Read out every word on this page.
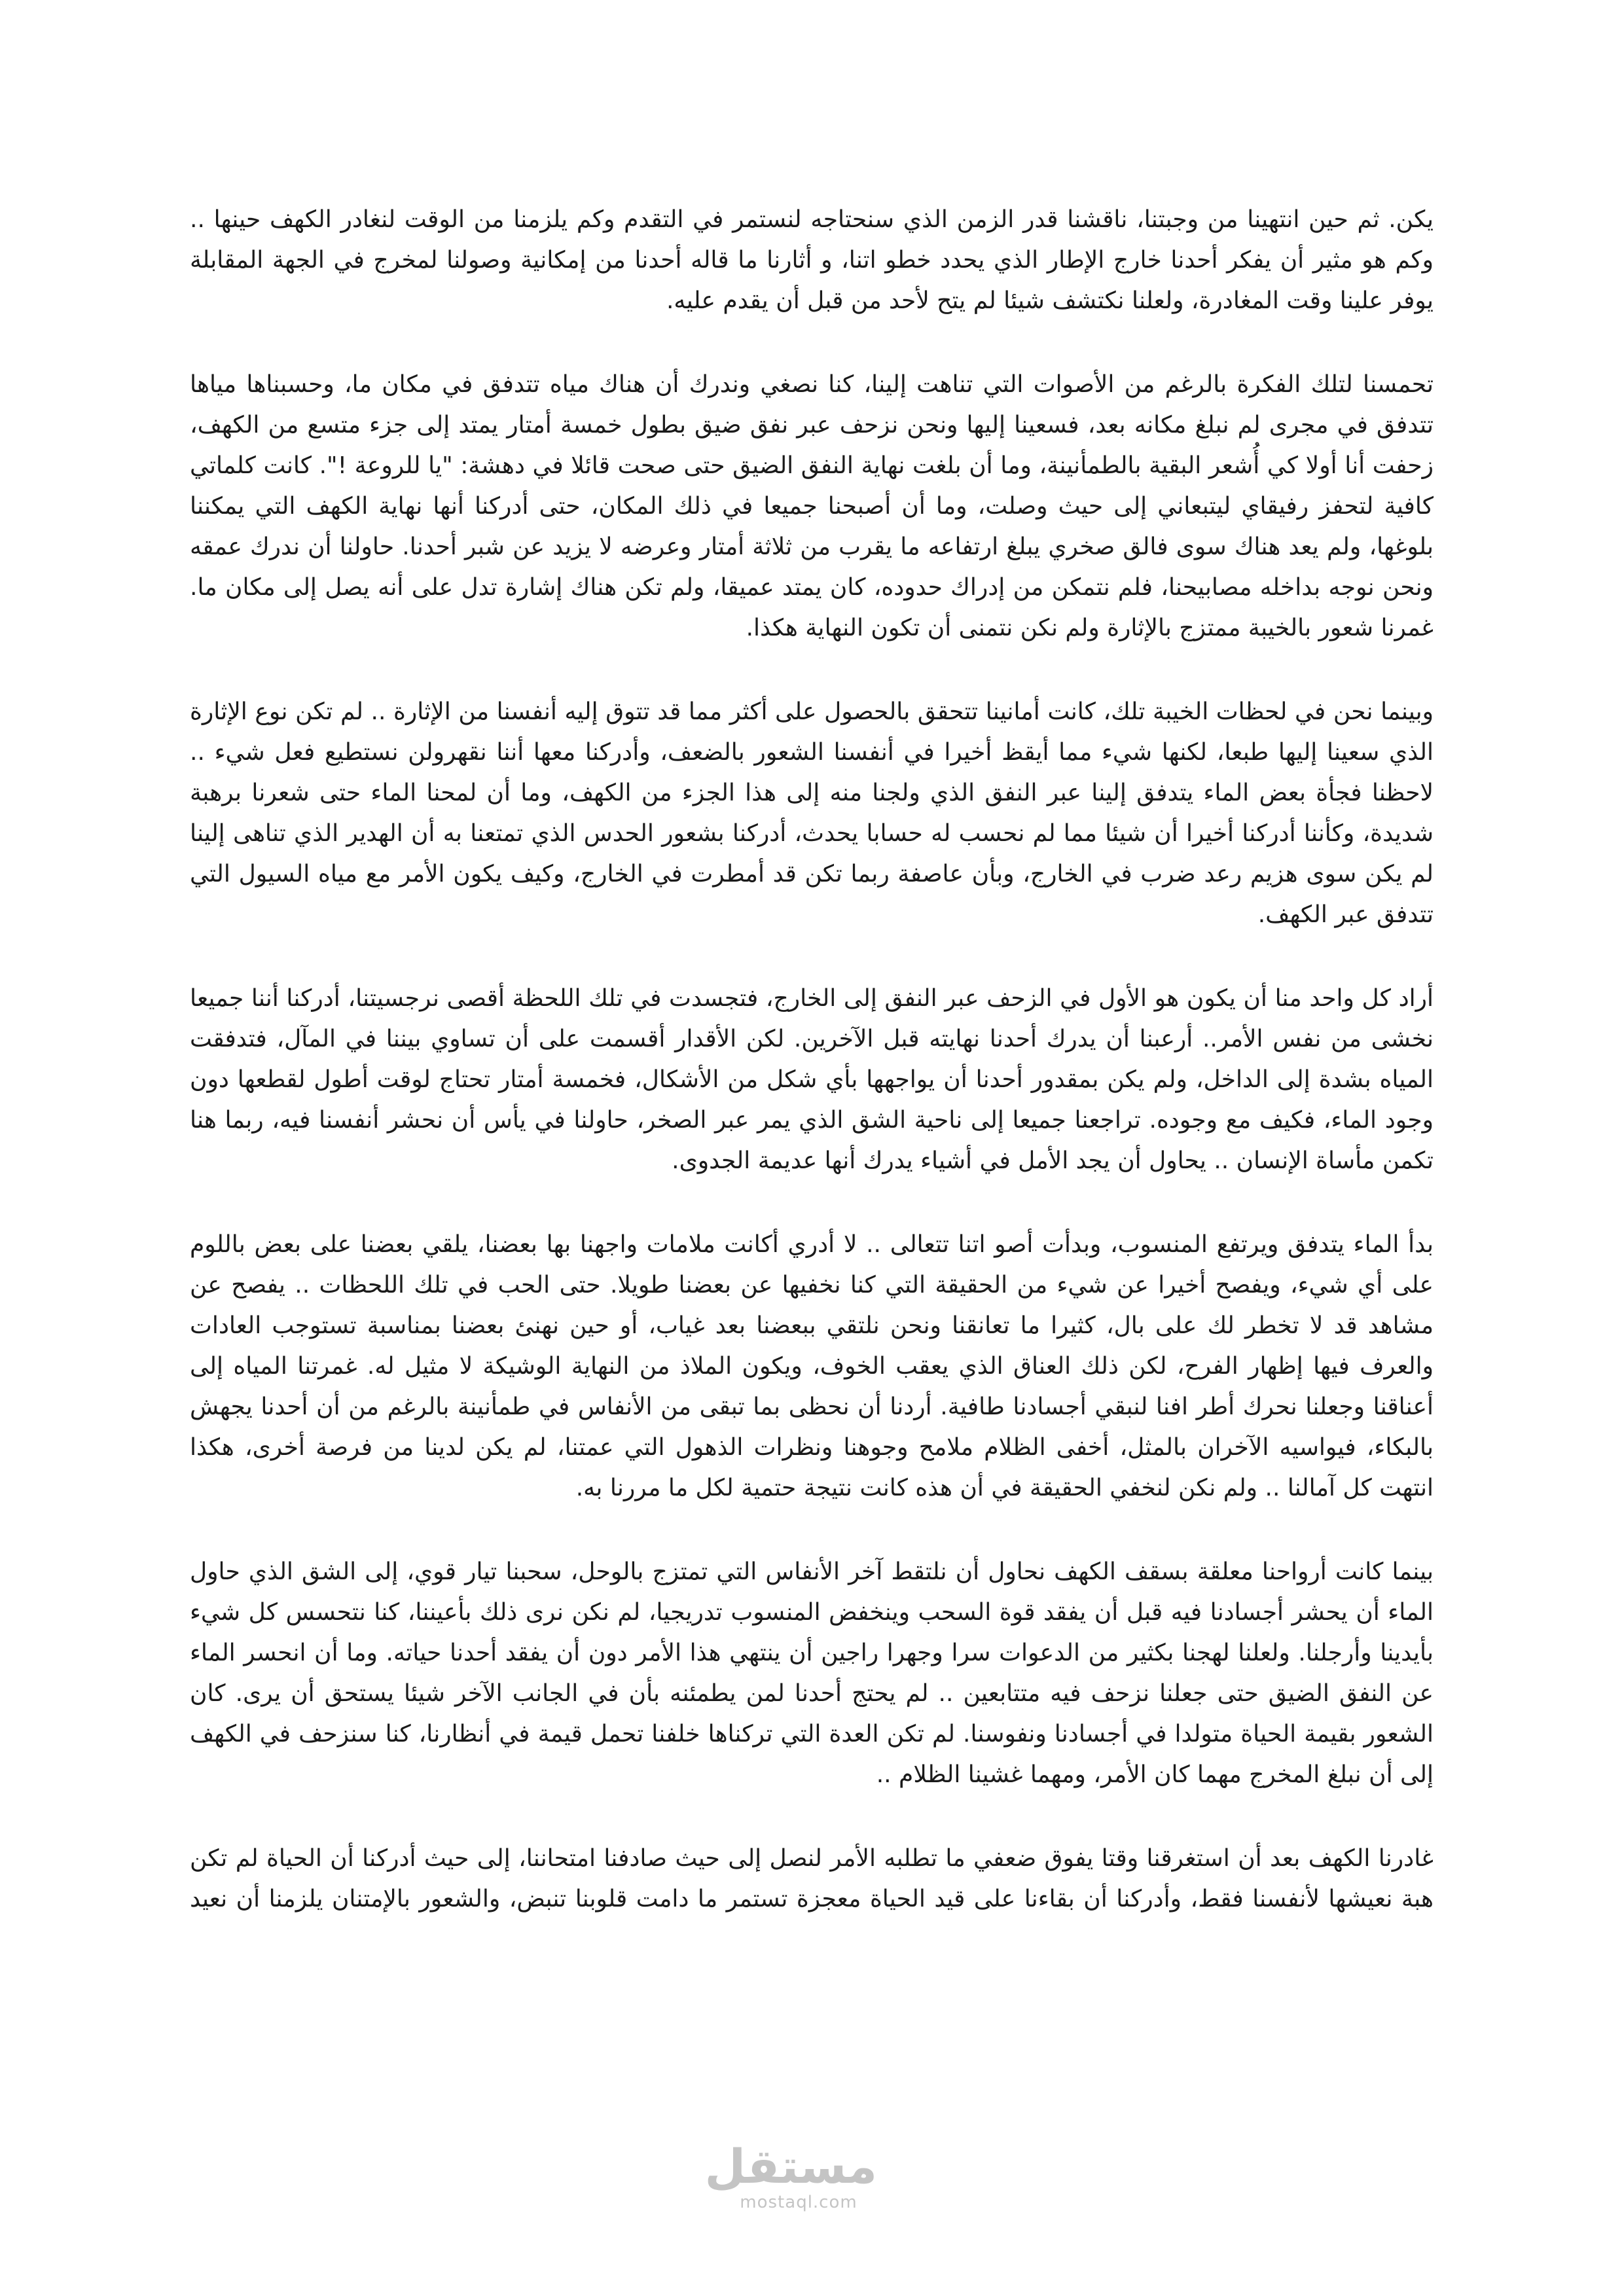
يكن. ثم حين انتهينا من وجبتنا، ناقشنا قدر الزمن الذي سنحتاجه لنستمر في التقدم وكم يلزمنا من الوقت لنغادر الكهف حينها .. وكم هو مثير أن يفكر أحدنا خارج الإطار الذي يحدد خطو اتنا، و أثارنا ما قاله أحدنا من إمكانية وصولنا لمخرج في الجهة المقابلة يوفر علينا وقت المغادرة، ولعلنا نكتشف شيئا لم يتح لأحد من قبل أن يقدم عليه.

تحمسنا لتلك الفكرة بالرغم من الأصوات التي تناهت إلينا، كنا نصغي وندرك أن هناك مياه تتدفق في مكان ما، وحسبناها مياها تتدفق في مجرى لم نبلغ مكانه بعد، فسعينا إليها ونحن نزحف عبر نفق ضيق بطول خمسة أمتار يمتد إلى جزء متسع من الكهف، زحفت أنا أولا كي أُشعر البقية بالطمأنينة، وما أن بلغت نهاية النفق الضيق حتى صحت قائلا في دهشة: "يا للروعة !". كانت كلماتي كافية لتحفز رفيقاي ليتبعاني إلى حيث وصلت، وما أن أصبحنا جميعا في ذلك المكان، حتى أدركنا أنها نهاية الكهف التي يمكننا بلوغها، ولم يعد هناك سوى فالق صخري يبلغ ارتفاعه ما يقرب من ثلاثة أمتار وعرضه لا يزيد عن شبر أحدنا. حاولنا أن ندرك عمقه ونحن نوجه بداخله مصابيحنا، فلم نتمكن من إدراك حدوده، كان يمتد عميقا، ولم تكن هناك إشارة تدل على أنه يصل إلى مكان ما. غمرنا شعور بالخيبة ممتزج بالإثارة ولم نكن نتمنى أن تكون النهاية هكذا.

وبينما نحن في لحظات الخيبة تلك، كانت أمانينا تتحقق بالحصول على أكثر مما قد تتوق إليه أنفسنا من الإثارة .. لم تكن نوع الإثارة الذي سعينا إليها طبعا، لكنها شيء مما أيقظ أخيرا في أنفسنا الشعور بالضعف، وأدركنا معها أننا نقهرولن نستطيع فعل شيء .. لاحظنا فجأة بعض الماء يتدفق إلينا عبر النفق الذي ولجنا منه إلى هذا الجزء من الكهف، وما أن لمحنا الماء حتى شعرنا برهبة شديدة، وكأننا أدركنا أخيرا أن شيئا مما لم نحسب له حسابا يحدث، أدركنا بشعور الحدس الذي تمتعنا به أن الهدير الذي تناهى إلينا لم يكن سوى هزيم رعد ضرب في الخارج، وبأن عاصفة ربما تكن قد أمطرت في الخارج، وكيف يكون الأمر مع مياه السيول التي تتدفق عبر الكهف.

أراد كل واحد منا أن يكون هو الأول في الزحف عبر النفق إلى الخارج، فتجسدت في تلك اللحظة أقصى نرجسيتنا، أدركنا أننا جميعا نخشى من نفس الأمر.. أرعبنا أن يدرك أحدنا نهايته قبل الآخرين. لكن الأقدار أقسمت على أن تساوي بيننا في المآل، فتدفقت المياه بشدة إلى الداخل، ولم يكن بمقدور أحدنا أن يواجهها بأي شكل من الأشكال، فخمسة أمتار تحتاج لوقت أطول لقطعها دون وجود الماء، فكيف مع وجوده. تراجعنا جميعا إلى ناحية الشق الذي يمر عبر الصخر، حاولنا في يأس أن نحشر أنفسنا فيه، ربما هنا تكمن مأساة الإنسان .. يحاول أن يجد الأمل في أشياء يدرك أنها عديمة الجدوى.

بدأ الماء يتدفق ويرتفع المنسوب، وبدأت أصو اتنا تتعالى .. لا أدري أكانت ملامات واجهنا بها بعضنا، يلقي بعضنا على بعض باللوم على أي شيء، ويفصح أخيرا عن شيء من الحقيقة التي كنا نخفيها عن بعضنا طويلا. حتى الحب في تلك اللحظات .. يفصح عن مشاهد قد لا تخطر لك على بال، كثيرا ما تعانقنا ونحن نلتقي ببعضنا بعد غياب، أو حين نهنئ بعضنا بمناسبة تستوجب العادات والعرف فيها إظهار الفرح، لكن ذلك العناق الذي يعقب الخوف، ويكون الملاذ من النهاية الوشيكة لا مثيل له. غمرتنا المياه إلى أعناقنا وجعلنا نحرك أطر افنا لنبقي أجسادنا طافية. أردنا أن نحظى بما تبقى من الأنفاس في طمأنينة بالرغم من أن أحدنا يجهش بالبكاء، فيواسيه الآخران بالمثل، أخفى الظلام ملامح وجوهنا ونظرات الذهول التي عمتنا، لم يكن لدينا من فرصة أخرى، هكذا انتهت كل آمالنا .. ولم نكن لنخفي الحقيقة في أن هذه كانت نتيجة حتمية لكل ما مررنا به.

بينما كانت أرواحنا معلقة بسقف الكهف نحاول أن نلتقط آخر الأنفاس التي تمتزج بالوحل، سحبنا تيار قوي، إلى الشق الذي حاول الماء أن يحشر أجسادنا فيه قبل أن يفقد قوة السحب وينخفض المنسوب تدريجيا، لم نكن نرى ذلك بأعيننا، كنا نتحسس كل شيء بأيدينا وأرجلنا. ولعلنا لهجنا بكثير من الدعوات سرا وجهرا راجين أن ينتهي هذا الأمر دون أن يفقد أحدنا حياته. وما أن انحسر الماء عن النفق الضيق حتى جعلنا نزحف فيه متتابعين .. لم يحتج أحدنا لمن يطمئنه بأن في الجانب الآخر شيئا يستحق أن يرى. كان الشعور بقيمة الحياة متولدا في أجسادنا ونفوسنا. لم تكن العدة التي تركناها خلفنا تحمل قيمة في أنظارنا، كنا سنزحف في الكهف إلى أن نبلغ المخرج مهما كان الأمر، ومهما غشينا الظلام ..

غادرنا الكهف بعد أن استغرقنا وقتا يفوق ضعفي ما تطلبه الأمر لنصل إلى حيث صادفنا امتحاننا، إلى حيث أدركنا أن الحياة لم تكن هبة نعيشها لأنفسنا فقط، وأدركنا أن بقاءنا على قيد الحياة معجزة تستمر ما دامت قلوبنا تنبض، والشعور بالإمتنان يلزمنا أن نعيد

مستقل
mostaql.com
